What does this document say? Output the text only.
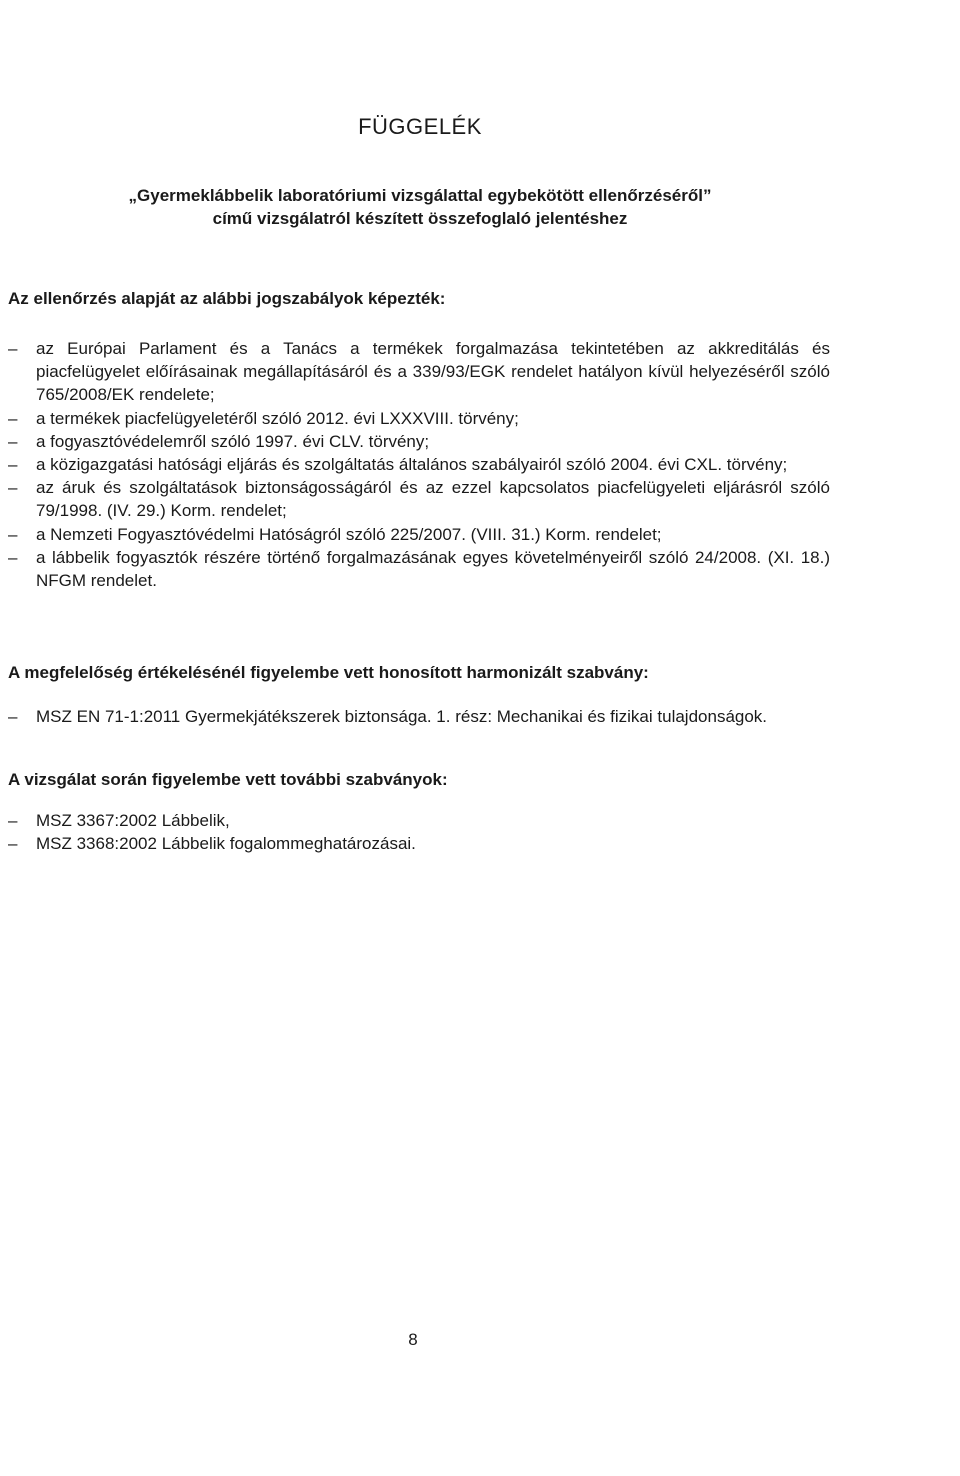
FÜGGELÉK
„Gyermeklábbelik laboratóriumi vizsgálattal egybekötött ellenőrzéséről”
című vizsgálatról készített összefoglaló jelentéshez
Az ellenőrzés alapját az alábbi jogszabályok képezték:
–	az Európai Parlament és a Tanács a termékek forgalmazása tekintetében az akkreditálás és piacfelügyelet előírásainak megállapításáról és a 339/93/EGK rendelet hatályon kívül helyezéséről szóló 765/2008/EK rendelete;
–	a termékek piacfelügyeletéről szóló 2012. évi LXXXVIII. törvény;
–	a fogyasztóvédelemről szóló 1997. évi CLV. törvény;
–	a közigazgatási hatósági eljárás és szolgáltatás általános szabályairól szóló 2004. évi CXL. törvény;
–	az áruk és szolgáltatások biztonságosságáról és az ezzel kapcsolatos piacfelügyeleti eljárásról szóló 79/1998. (IV. 29.) Korm. rendelet;
–	a Nemzeti Fogyasztóvédelmi Hatóságról szóló 225/2007. (VIII. 31.) Korm. rendelet;
–	a lábbelik fogyasztók részére történő forgalmazásának egyes követelményeiről szóló 24/2008. (XI. 18.) NFGM rendelet.
A megfelelőség értékelésénél figyelembe vett honosított harmonizált szabvány:
–	MSZ EN 71-1:2011 Gyermekjátékszerek biztonsága. 1. rész: Mechanikai és fizikai tulajdonságok.
A vizsgálat során figyelembe vett további szabványok:
–	MSZ 3367:2002 Lábbelik,
–	MSZ 3368:2002 Lábbelik fogalommeghatározásai.
8
